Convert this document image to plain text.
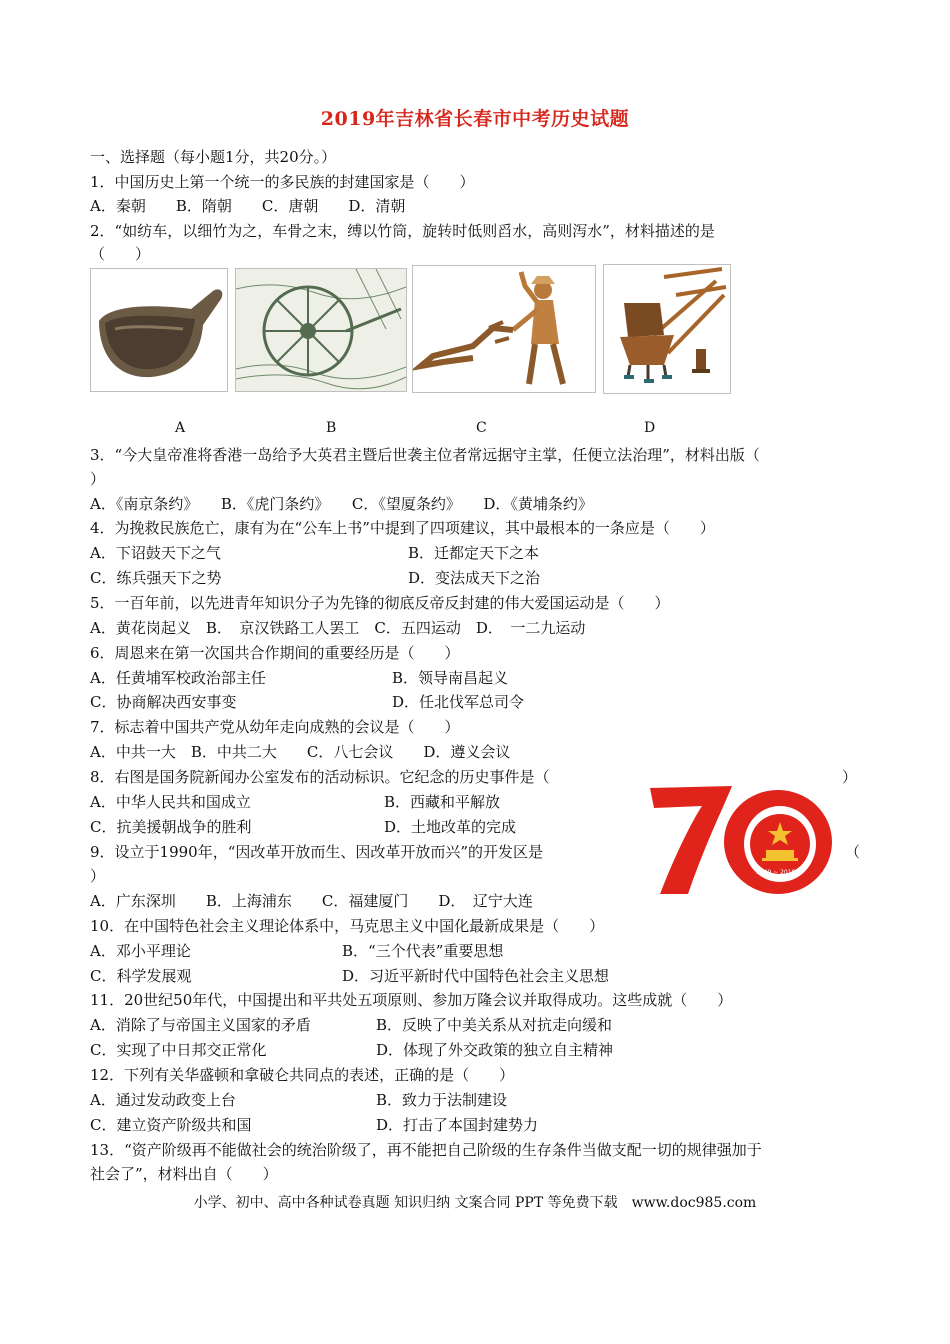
2019年吉林省长春市中考历史试题
一、选择题（每小题1分，共20分。）
1．中国历史上第一个统一的多民族的封建国家是（　　）
A．秦朝　　B．隋朝　　C．唐朝　　D．清朝
2．“如纺车，以细竹为之，车骨之末，缚以竹筒，旋转时低则舀水，高则泻水”，材料描述的是
（　　）
A	B	C	D
3．“今大皇帝准将香港一岛给予大英君主暨后世袭主位者常远据守主掌，任便立法治理”，材料出版（
）
A．《南京条约》　　B．《虎门条约》　　C．《望厦条约》　　D．《黄埔条约》
4．为挽救民族危亡，康有为在“公车上书”中提到了四项建议，其中最根本的一条应是（　　）
A．下诏鼓天下之气	B．迁都定天下之本
C．练兵强天下之势	D．变法成天下之治
5．一百年前，以先进青年知识分子为先锋的彻底反帝反封建的伟大爱国运动是（　　）
A．黄花岗起义　B．　京汉铁路工人罢工　C．五四运动　D．　一二九运动
6．周恩来在第一次国共合作期间的重要经历是（　　）
A．任黄埔军校政治部主任	B．领导南昌起义
C．协商解决西安事变	D．任北伐军总司令
7．标志着中国共产党从幼年走向成熟的会议是（　　）
A．中共一大　B．中共二大　　C．八七会议　　D．遵义会议
8．右图是国务院新闻办公室发布的活动标识。它纪念的历史事件是（	）
A．中华人民共和国成立	B．西藏和平解放
C．抗美援朝战争的胜利	D．土地改革的完成
1949 ~ 2019
9．设立于1990年，“因改革开放而生、因改革开放而兴”的开发区是	（
）
A．广东深圳　　B．上海浦东　　C．福建厦门　　D．　辽宁大连
10．在中国特色社会主义理论体系中，马克思主义中国化最新成果是（　　）
A．邓小平理论	B．“三个代表”重要思想
C．科学发展观	D．习近平新时代中国特色社会主义思想
11．20世纪50年代，中国提出和平共处五项原则、参加万隆会议并取得成功。这些成就（　　）
A．消除了与帝国主义国家的矛盾	B．反映了中美关系从对抗走向缓和
C．实现了中日邦交正常化	D．体现了外交政策的独立自主精神
12．下列有关华盛顿和拿破仑共同点的表述，正确的是（　　）
A．通过发动政变上台	B．致力于法制建设
C．建立资产阶级共和国	D．打击了本国封建势力
13．“资产阶级再不能做社会的统治阶级了，再不能把自己阶级的生存条件当做支配一切的规律强加于
社会了”，材料出自（　　）
小学、初中、高中各种试卷真题 知识归纳 文案合同 PPT 等免费下载　www.doc985.com
